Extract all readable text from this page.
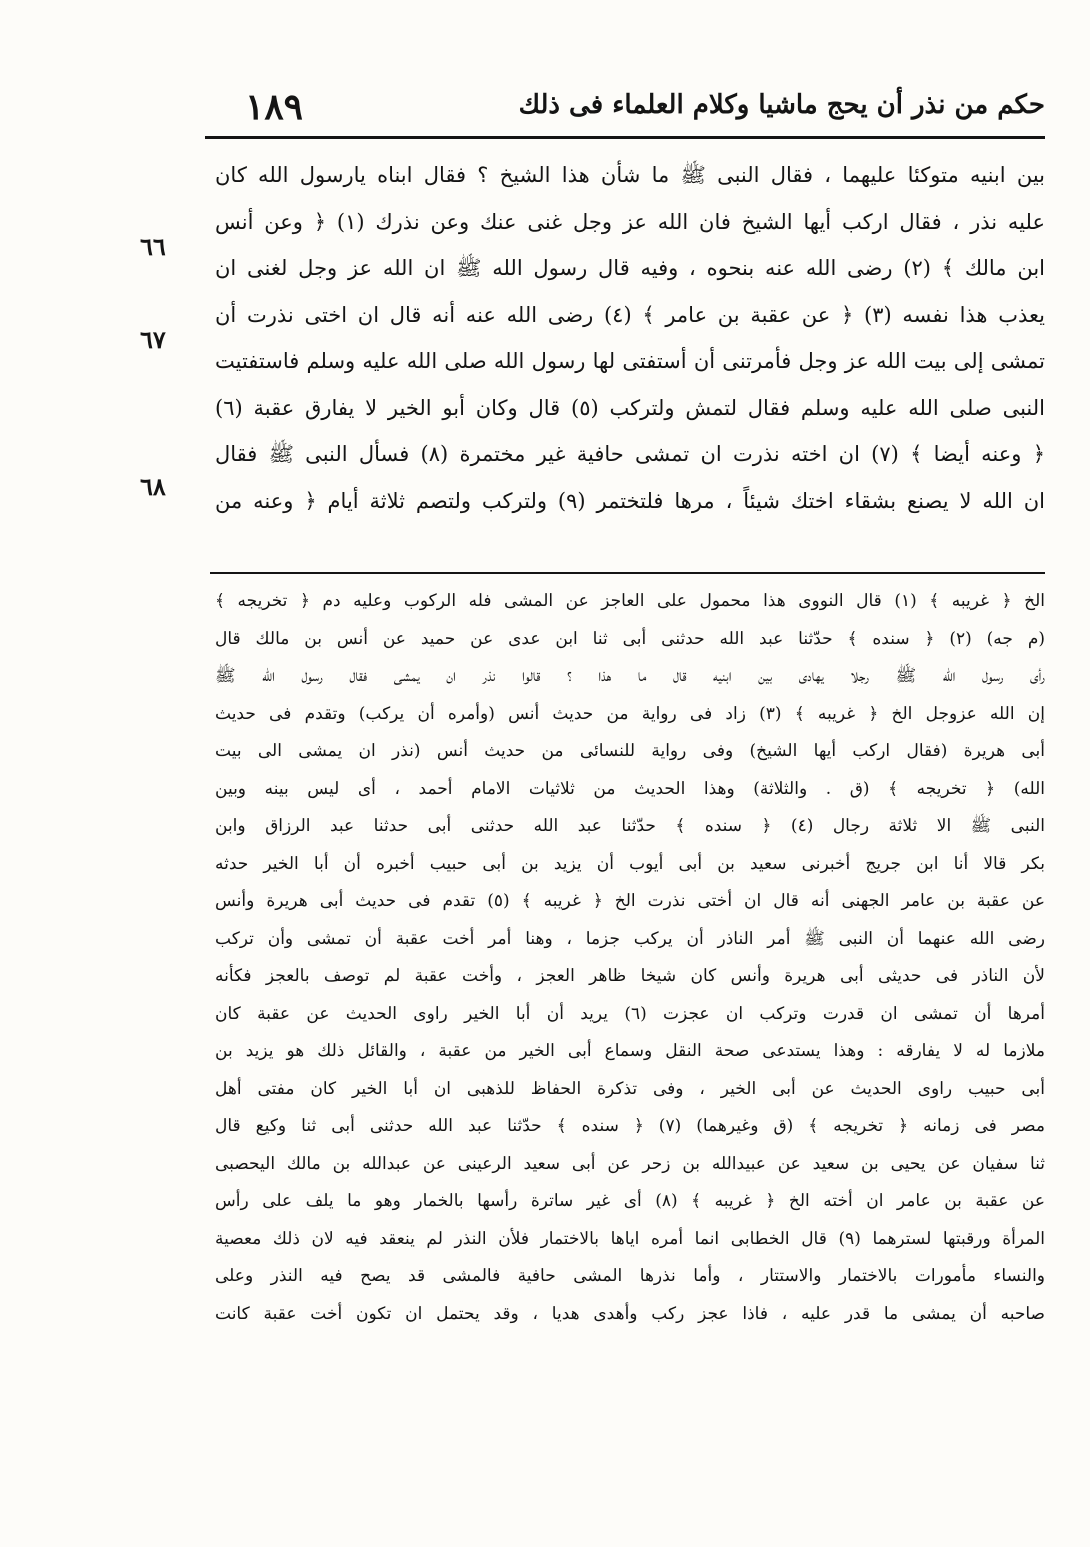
حكم من نذر أن يحج ماشيا وكلام العلماء فى ذلك
١٨٩
٦٦
٦٧
٦٨
بين ابنيه متوكئا عليهما ، فقال النبى ﷺ ما شأن هذا الشيخ ؟ فقال ابناه يارسول الله كان
عليه نذر ، فقال اركب أيها الشيخ فان الله عز وجل غنى عنك وعن نذرك (١) ﴿ وعن أنس
ابن مالك ﴾ (٢) رضى الله عنه بنحوه ، وفيه قال رسول الله ﷺ ان الله عز وجل لغنى ان
يعذب هذا نفسه (٣) ﴿ عن عقبة بن عامر ﴾ (٤) رضى الله عنه أنه قال ان اختى نذرت أن
تمشى إلى بيت الله عز وجل فأمرتنى أن أستفتى لها رسول الله صلى الله عليه وسلم فاستفتيت
النبى صلى الله عليه وسلم فقال لتمش ولتركب (٥) قال وكان أبو الخير لا يفارق عقبة (٦)
﴿ وعنه أيضا ﴾ (٧) ان اخته نذرت ان تمشى حافية غير مختمرة (٨) فسأل النبى ﷺ فقال
ان الله لا يصنع بشقاء اختك شيئاً ، مرها فلتختمر (٩) ولتركب ولتصم ثلاثة أيام ﴿ وعنه من
الخ ﴿ غريبه ﴾ (١) قال النووى هذا محمول على العاجز عن المشى فله الركوب وعليه دم ﴿ تخريجه ﴾
(م جه) (٢) ﴿ سنده ﴾ حدّثنا عبد الله حدثنى أبى ثنا ابن عدى عن حميد عن أنس بن مالك قال
رأى رسول الله ﷺ رجلا يهادى بين ابنيه قال ما هذا ؟ قالوا نذر ان يمشى فقال رسول الله ﷺ
إن الله عزوجل الخ ﴿ غريبه ﴾ (٣) زاد فى رواية من حديث أنس (وأمره أن يركب) وتقدم فى حديث
أبى هريرة (فقال اركب أيها الشيخ) وفى رواية للنسائى من حديث أنس (نذر ان يمشى الى بيت
الله) ﴿ تخريجه ﴾ (ق . والثلاثة) وهذا الحديث من ثلاثيات الامام أحمد ، أى ليس بينه وبين
النبى ﷺ الا ثلاثة رجال (٤) ﴿ سنده ﴾ حدّثنا عبد الله حدثنى أبى حدثنا عبد الرزاق وابن
بكر قالا أنا ابن جريج أخبرنى سعيد بن أبى أيوب أن يزيد بن أبى حبيب أخبره أن أبا الخير حدثه
عن عقبة بن عامر الجهنى أنه قال ان أختى نذرت الخ ﴿ غريبه ﴾ (٥) تقدم فى حديث أبى هريرة وأنس
رضى الله عنهما أن النبى ﷺ أمر الناذر أن يركب جزما ، وهنا أمر أخت عقبة أن تمشى وأن تركب
لأن الناذر فى حديثى أبى هريرة وأنس كان شيخا ظاهر العجز ، وأخت عقبة لم توصف بالعجز فكأنه
أمرها أن تمشى ان قدرت وتركب ان عجزت (٦) يريد أن أبا الخير راوى الحديث عن عقبة كان
ملازما له لا يفارقه : وهذا يستدعى صحة النقل وسماع أبى الخير من عقبة ، والقائل ذلك هو يزيد بن
أبى حبيب راوى الحديث عن أبى الخير ، وفى تذكرة الحفاظ للذهبى ان أبا الخير كان مفتى أهل
مصر فى زمانه ﴿ تخريجه ﴾ (ق وغيرهما) (٧) ﴿ سنده ﴾ حدّثنا عبد الله حدثنى أبى ثنا وكيع قال
ثنا سفيان عن يحيى بن سعيد عن عبيدالله بن زحر عن أبى سعيد الرعينى عن عبدالله بن مالك اليحصبى
عن عقبة بن عامر ان أخته الخ ﴿ غريبه ﴾ (٨) أى غير ساترة رأسها بالخمار وهو ما يلف على رأس
المرأة ورقبتها لسترهما (٩) قال الخطابى انما أمره اياها بالاختمار فلأن النذر لم ينعقد فيه لان ذلك معصية
والنساء مأمورات بالاختمار والاستتار ، وأما نذرها المشى حافية فالمشى قد يصح فيه النذر وعلى
صاحبه أن يمشى ما قدر عليه ، فاذا عجز ركب وأهدى هديا ، وقد يحتمل ان تكون أخت عقبة كانت
